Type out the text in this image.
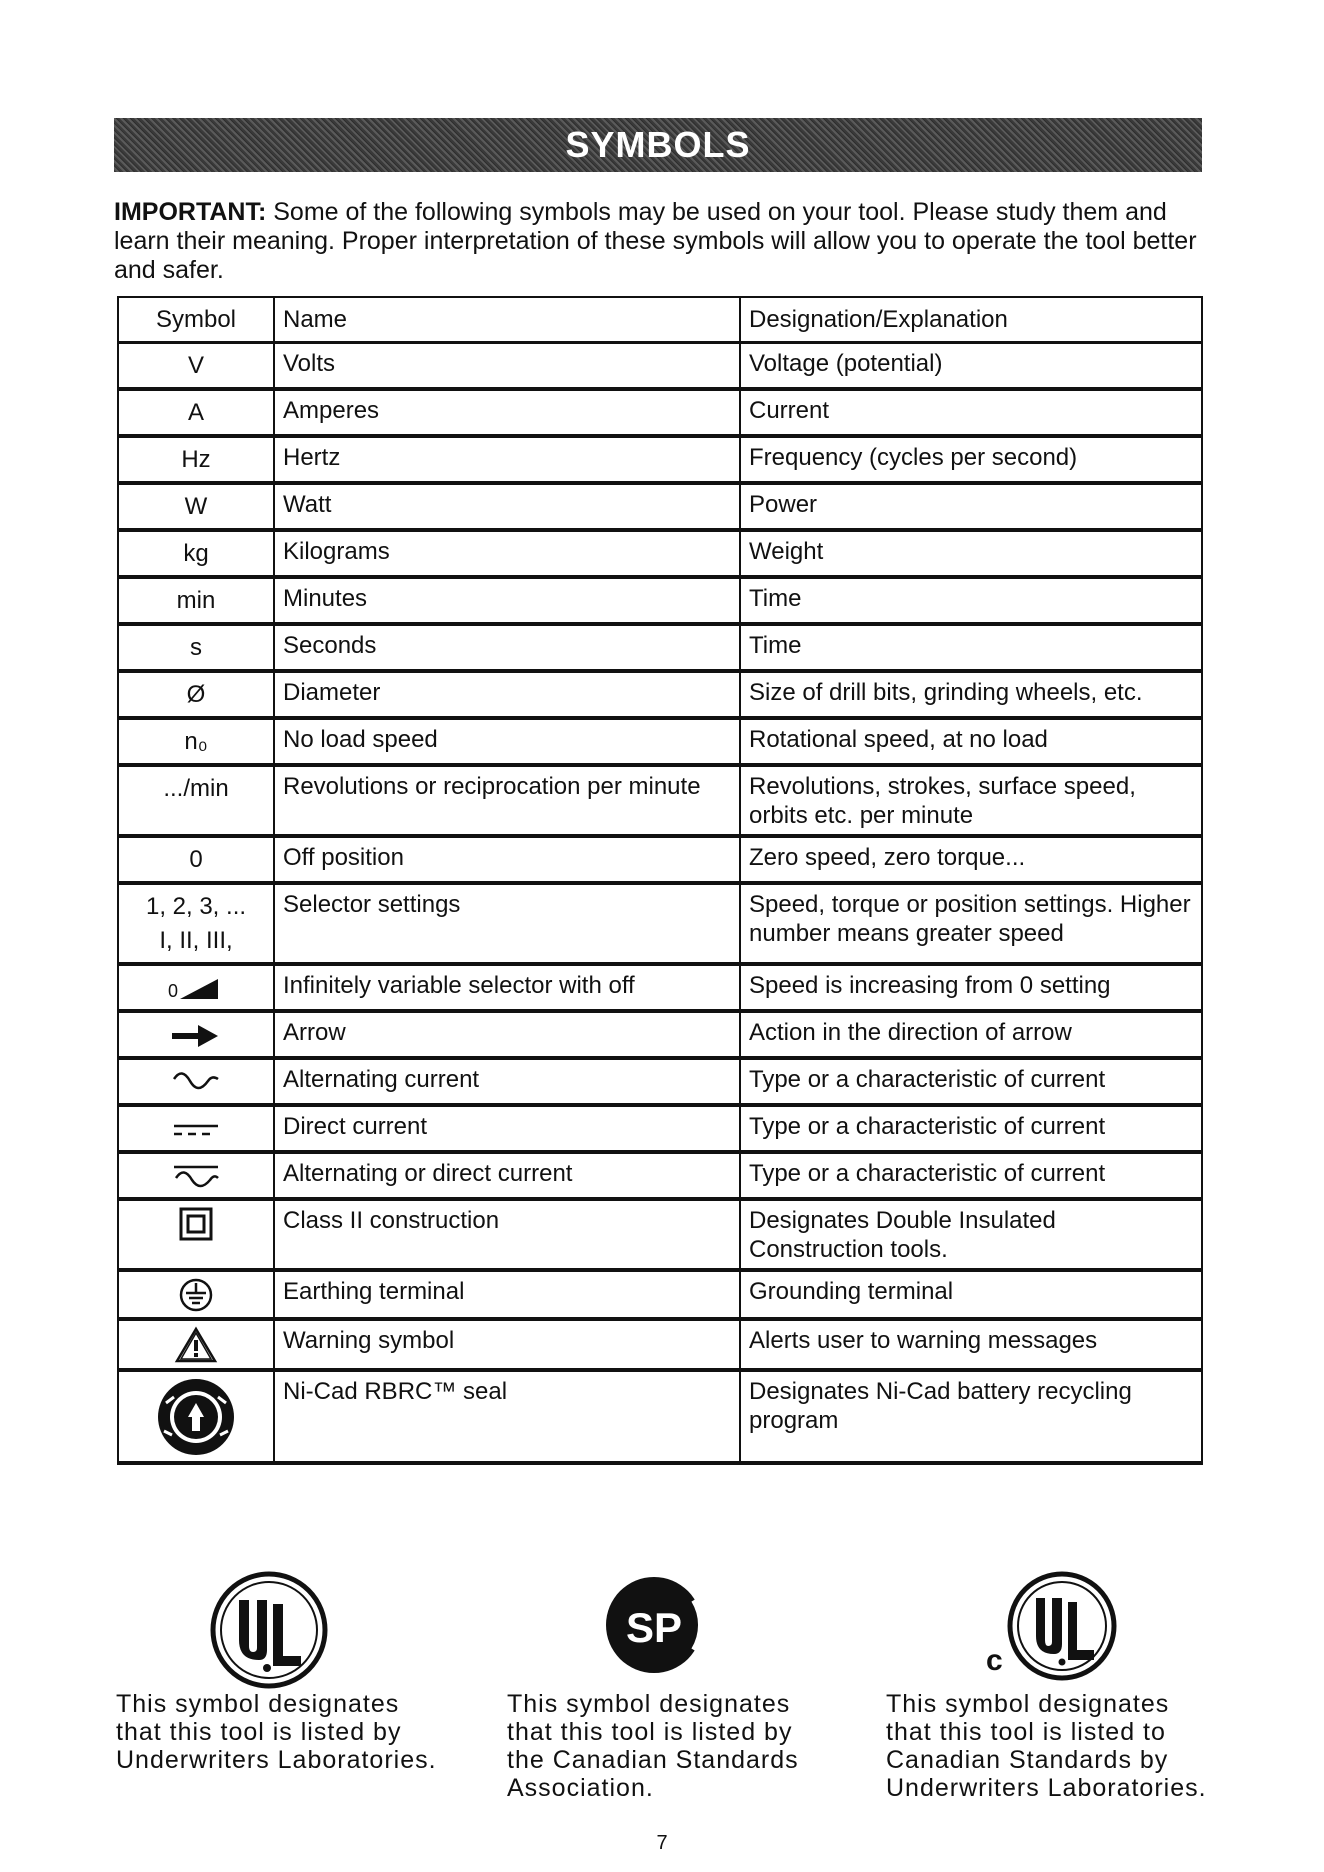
SYMBOLS
IMPORTANT: Some of the following symbols may be used on your tool. Please study them and learn their meaning. Proper interpretation of these symbols will allow you to operate the tool better and safer.
Symbol	Name	Designation/Explanation
V	Volts	Voltage (potential)
A	Amperes	Current
Hz	Hertz	Frequency (cycles per second)
W	Watt	Power
kg	Kilograms	Weight
min	Minutes	Time
s	Seconds	Time
Ø	Diameter	Size of drill bits, grinding wheels, etc.
n₀	No load speed	Rotational speed, at no load
.../min	Revolutions or reciprocation per minute	Revolutions, strokes, surface speed, orbits etc. per minute
0	Off position	Zero speed, zero torque...
1, 2, 3, ...
I, II, III,	Selector settings	Speed, torque or position settings. Higher number means greater speed

0	Infinitely variable selector with off	Speed is increasing from 0 setting
	Arrow	Action in the direction of arrow
	Alternating current	Type or a characteristic of current
	Direct current	Type or a characteristic of current
	Alternating or direct current	Type or a characteristic of current
	Class II construction	Designates Double Insulated Construction tools.
	Earthing terminal	Grounding terminal
	Warning symbol	Alerts user to warning messages
	Ni-Cad RBRC™ seal	Designates Ni-Cad battery recycling program
SP
c
This symbol designates that this tool is listed by Underwriters Laboratories.
This symbol designates that this tool is listed by the Canadian Standards Association.
This symbol designates that this tool is listed to Canadian Standards by Underwriters Laboratories.
7
